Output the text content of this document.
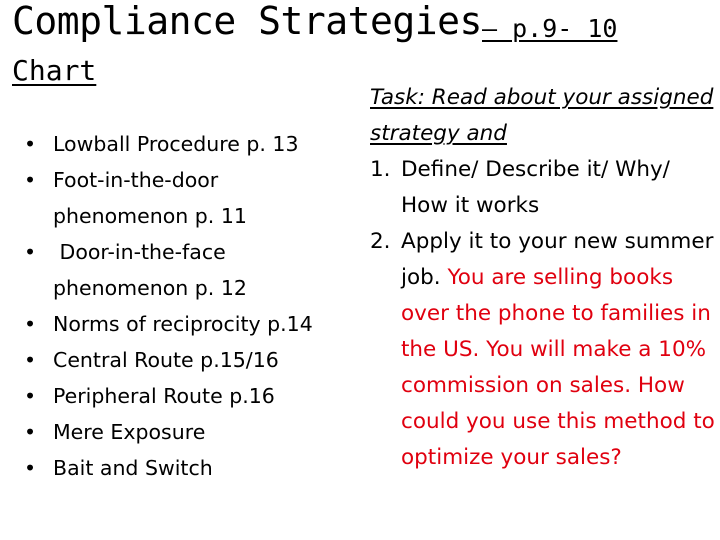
Compliance Strategies – p.9- 10
Chart
• Lowball Procedure p. 13
• Foot-in-the-door phenomenon p. 11
• Door-in-the-face phenomenon p. 12
• Norms of reciprocity p.14
• Central Route p.15/16
• Peripheral Route p.16
• Mere Exposure
• Bait and Switch
Task: Read about your assigned strategy and
1. Define/ Describe it/ Why/ How it works
2. Apply it to your new summer job. You are selling books over the phone to families in the US. You will make a 10% commission on sales. How could you use this method to optimize your sales?
